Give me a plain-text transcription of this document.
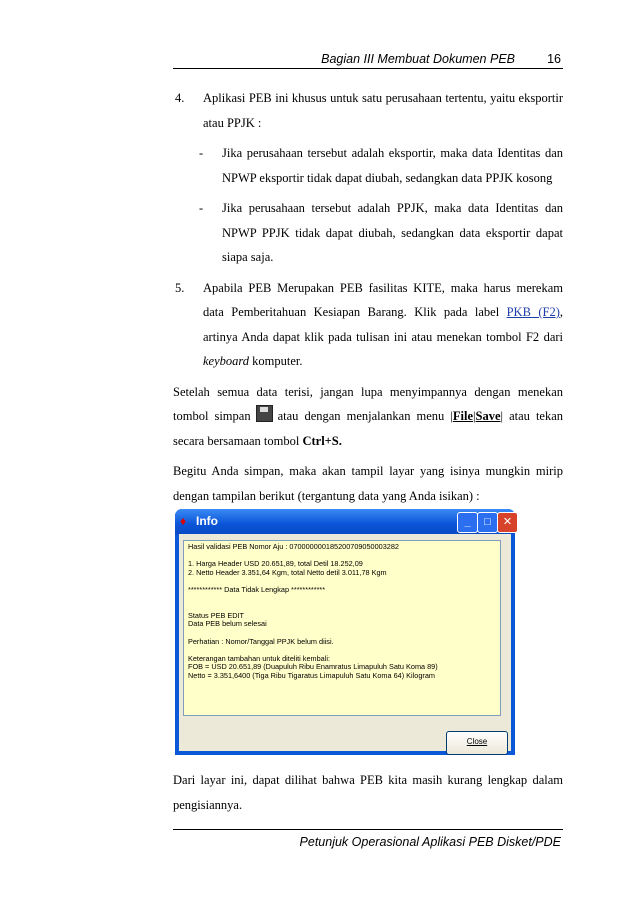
Bagian III Membuat Dokumen PEB	16
4. Aplikasi PEB ini khusus untuk satu perusahaan tertentu, yaitu eksportir atau PPJK :
- Jika perusahaan tersebut adalah eksportir, maka data Identitas dan NPWP eksportir tidak dapat diubah, sedangkan data PPJK kosong
- Jika perusahaan tersebut adalah PPJK, maka data Identitas dan NPWP PPJK tidak dapat diubah, sedangkan data eksportir dapat siapa saja.
5. Apabila PEB Merupakan PEB fasilitas KITE, maka harus merekam data Pemberitahuan Kesiapan Barang. Klik pada label PKB (F2), artinya Anda dapat klik pada tulisan ini atau menekan tombol F2 dari keyboard komputer.
Setelah semua data terisi, jangan lupa menyimpannya dengan menekan tombol simpan atau dengan menjalankan menu |File|Save| atau tekan secara bersamaan tombol Ctrl+S.
Begitu Anda simpan, maka akan tampil layar yang isinya mungkin mirip dengan tampilan berikut (tergantung data yang Anda isikan) :
♦ Info	_	□	✕
Hasil validasi PEB Nomor Aju : 070000000185200709050003282

1. Harga Header USD 20.651,89, total Detil 18.252,09
2. Netto Header 3.351,64 Kgm, total Netto detil 3.011,78 Kgm

************ Data Tidak Lengkap ************

Status PEB EDIT
Data PEB belum selesai

Perhatian : Nomor/Tanggal PPJK belum diisi.

Keterangan tambahan untuk diteliti kembali:
FOB = USD 20.651,89 (Duapuluh Ribu Enamratus Limapuluh Satu Koma 89)
Netto = 3.351,6400 (Tiga Ribu Tigaratus Limapuluh Satu Koma 64) Kilogram
Close
Dari layar ini, dapat dilihat bahwa PEB kita masih kurang lengkap dalam pengisiannya.
Petunjuk Operasional Aplikasi PEB Disket/PDE
